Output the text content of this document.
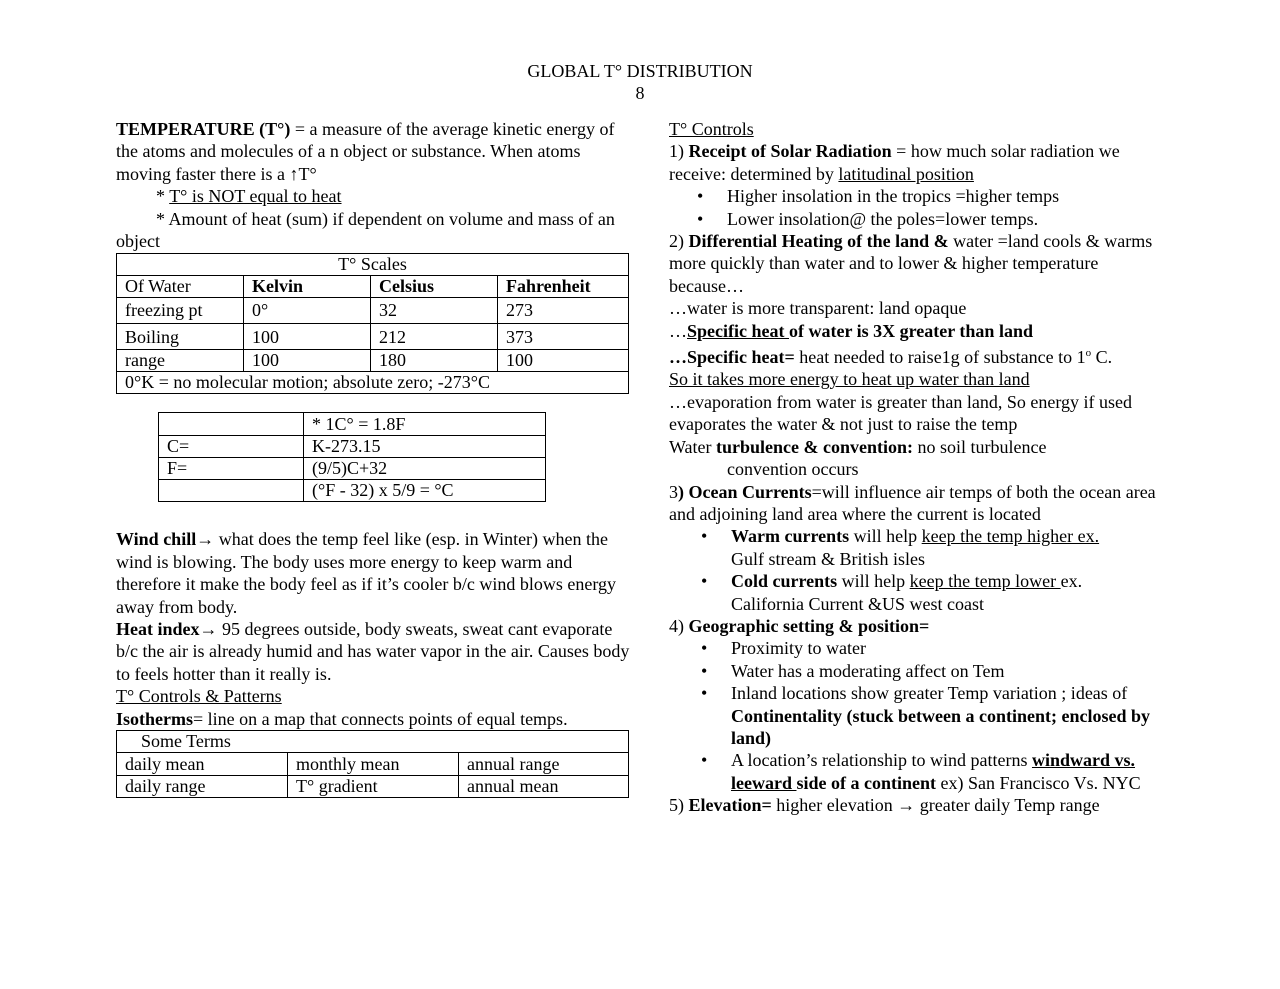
GLOBAL T° DISTRIBUTION
8

TEMPERATURE (T°) = a measure of the average kinetic energy of the atoms and molecules of a n object or substance. When atoms moving faster there is a ↑T°

* T° is NOT equal to heat

* Amount of heat (sum) if dependent on volume and mass of an object

T° Scales			
Of Water	Kelvin	Celsius	Fahrenheit
freezing pt	0°	32	273
Boiling	100	212	373
range	100	180	100
0°K = no molecular motion; absolute zero; -273°C			
	* 1C° = 1.8F
C=	K-273.15
F=	(9/5)C+32
	(°F - 32) x 5/9 = °C

Wind chill→ what does the temp feel like (esp. in Winter) when the wind is blowing. The body uses more energy to keep warm and therefore it make the body feel as if it’s cooler b/c wind blows energy away from body.

Heat index→ 95 degrees outside, body sweats, sweat cant evaporate b/c the air is already humid and has water vapor in the air. Causes body to feels hotter than it really is.

T° Controls & Patterns

Isotherms= line on a map that connects points of equal temps.

Some Terms		
daily mean	monthly mean	annual range
daily range	T° gradient	annual mean

T° Controls

1) Receipt of Solar Radiation = how much solar radiation we receive: determined by latitudinal position

• Higher insolation in the tropics =higher temps
• Lower insolation@ the poles=lower temps.

2) Differential Heating of the land & water =land cools & warms more quickly than water and to lower & higher temperature because…

…water is more transparent: land opaque

…Specific heat of water is 3X greater than land

…Specific heat= heat needed to raise1g of substance to 1$^o$ C.

So it takes more energy to heat up water than land

…evaporation from water is greater than land, So energy if used evaporates the water & not just to raise the temp

Water turbulence & convention: no soil turbulence

convention occurs

3) Ocean Currents=will influence air temps of both the ocean area and adjoining land area where the current is located

• Warm currents will help keep the temp higher ex.
Gulf stream & British isles
• Cold currents will help keep the temp lower ex.
California Current &US west coast

4) Geographic setting & position=

• Proximity to water
• Water has a moderating affect on Tem
• Inland locations show greater Temp variation ; ideas of Continentality (stuck between a continent; enclosed by land)
• A location’s relationship to wind patterns windward vs. leeward side of a continent ex) San Francisco Vs. NYC

5) Elevation= higher elevation → greater daily Temp range
